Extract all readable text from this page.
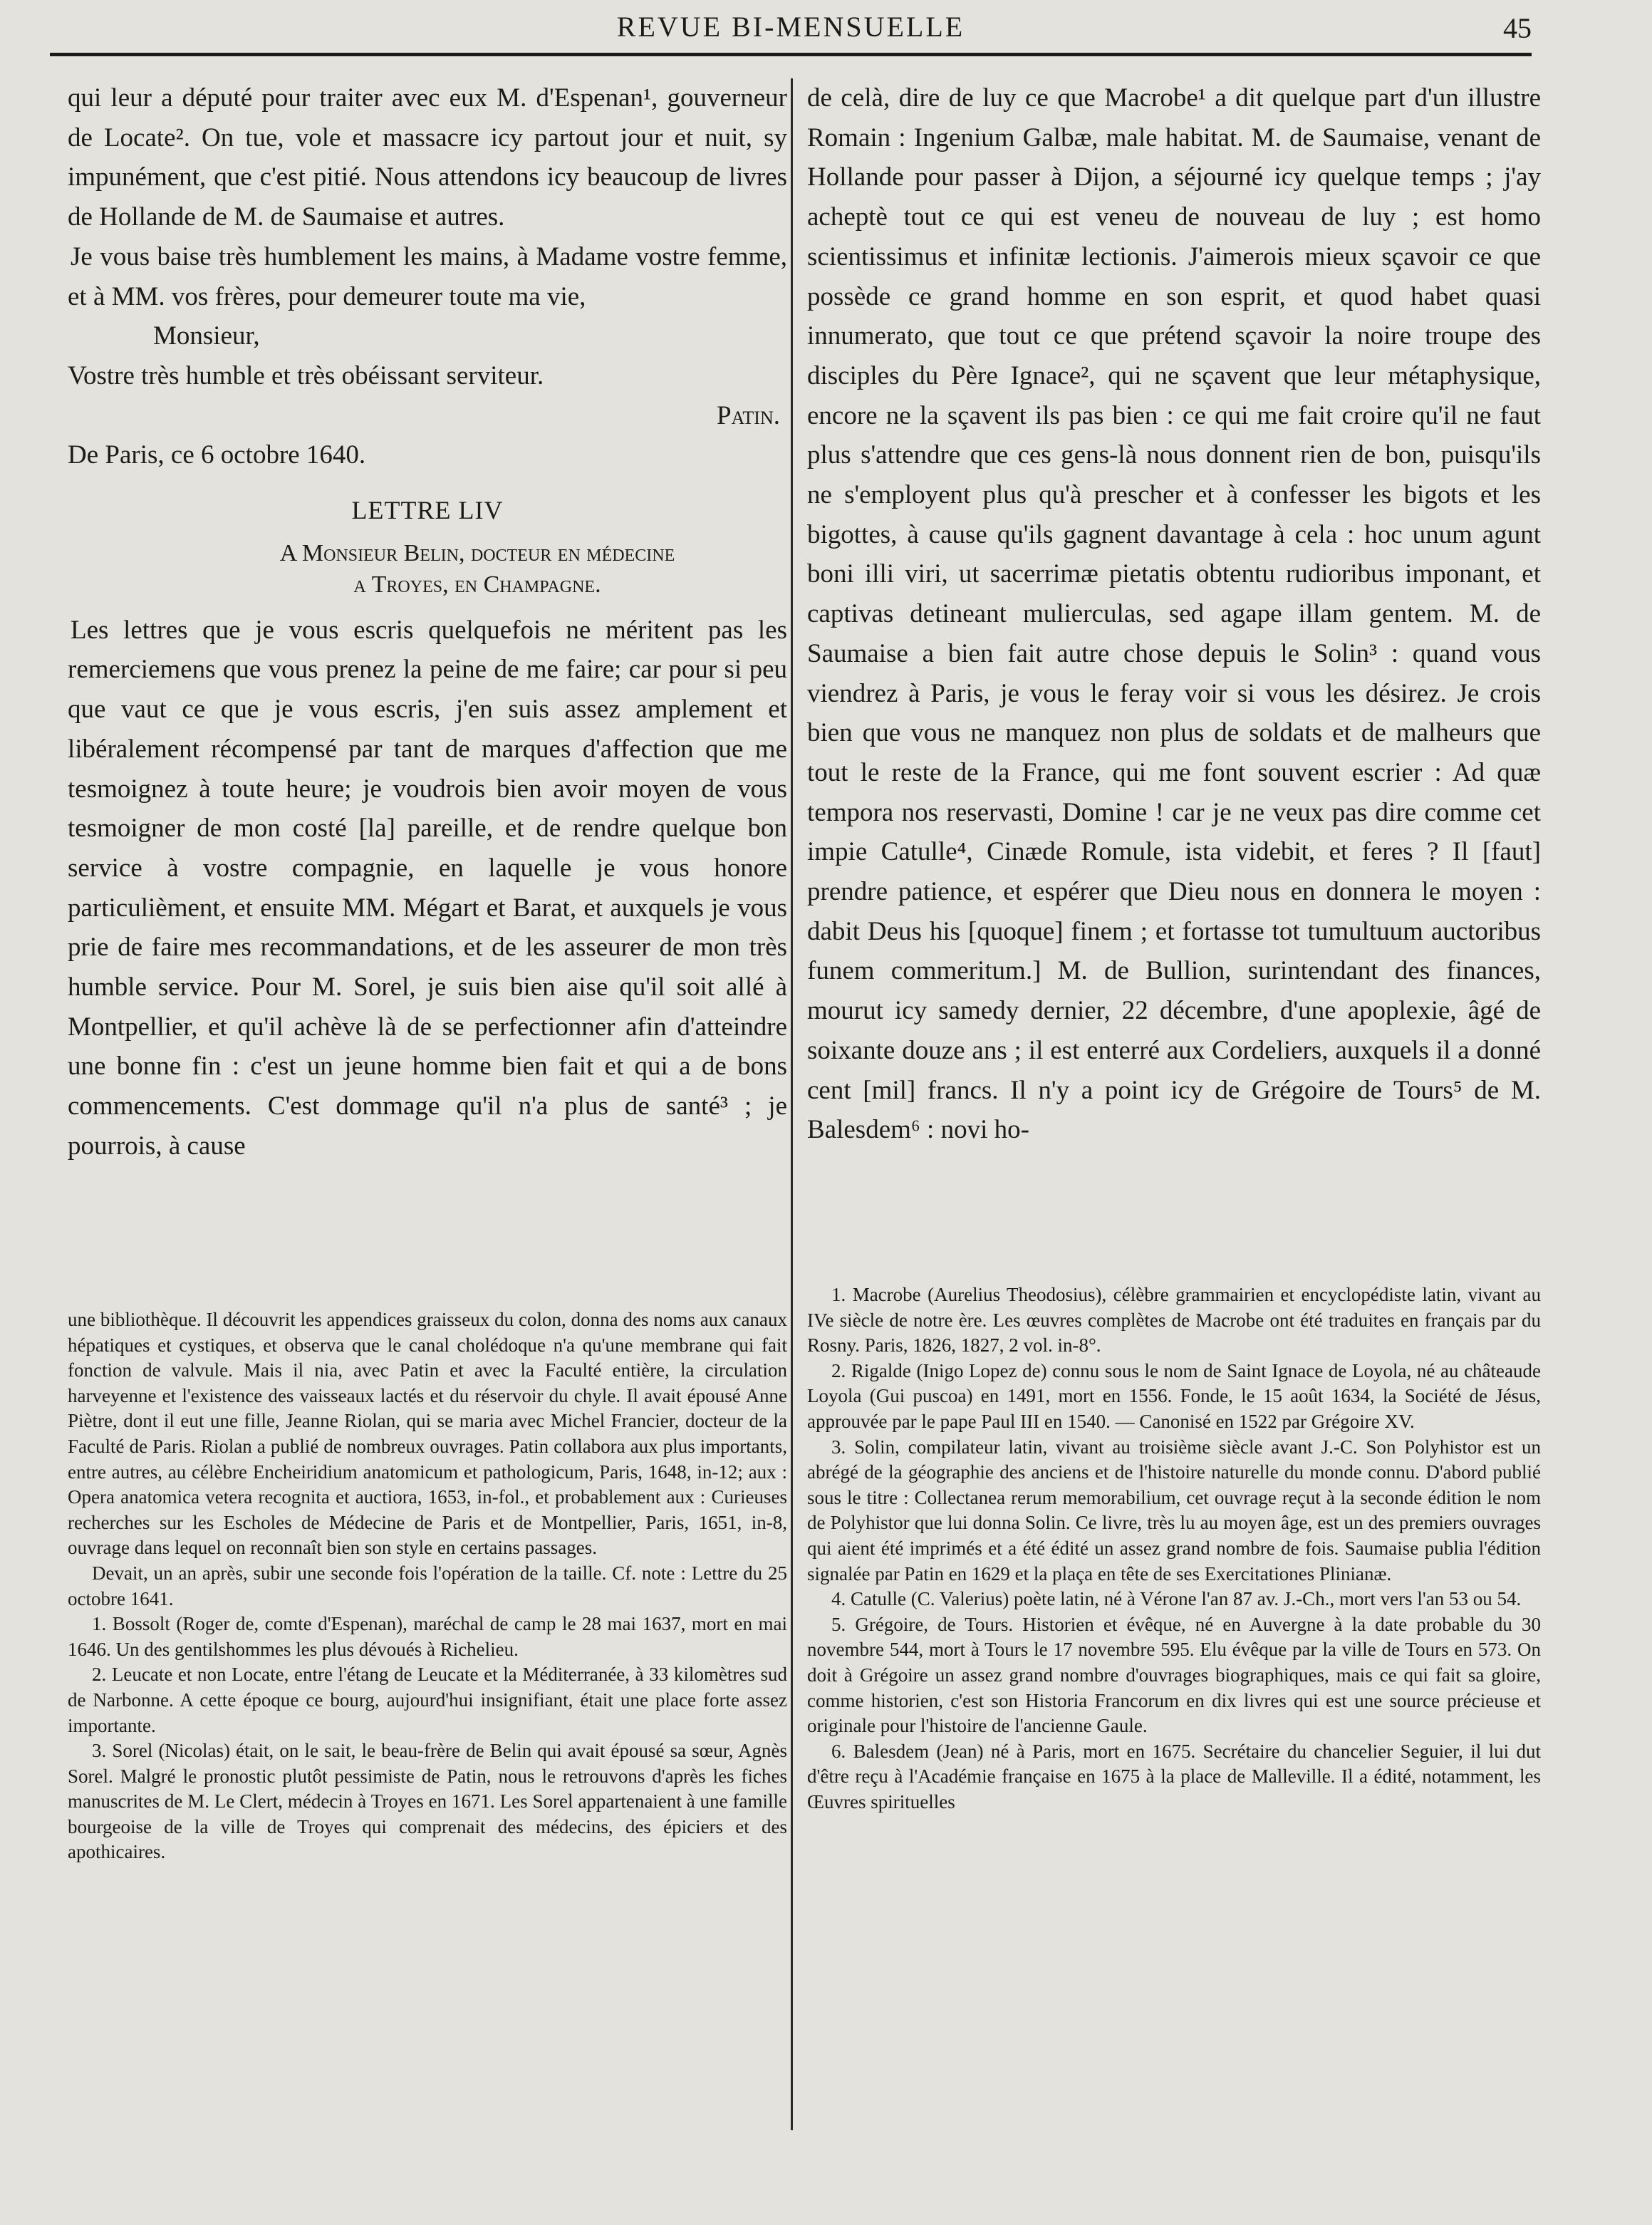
REVUE BI-MENSUELLE	45

qui leur a député pour traiter avec eux M. d'Espenan¹, gouverneur de Locate². On tue, vole et massacre icy partout jour et nuit, sy impunément, que c'est pitié. Nous attendons icy beaucoup de livres de Hollande de M. de Saumaise et autres.

Je vous baise très humblement les mains, à Madame vostre femme, et à MM. vos frères, pour demeurer toute ma vie,

Monsieur,

Vostre très humble et très obéissant serviteur.

Patin.

De Paris, ce 6 octobre 1640.

LETTRE LIV
A Monsieur Belin, docteur en médecine
a Troyes, en Champagne.

Les lettres que je vous escris quelquefois ne méritent pas les remerciemens que vous prenez la peine de me faire; car pour si peu que vaut ce que je vous escris, j'en suis assez amplement et libéralement récompensé par tant de marques d'affection que me tesmoignez à toute heure; je voudrois bien avoir moyen de vous tesmoigner de mon costé [la] pareille, et de rendre quelque bon service à vostre compagnie, en laquelle je vous honore particulièment, et ensuite MM. Mégart et Barat, et auxquels je vous prie de faire mes recommandations, et de les asseurer de mon très humble service. Pour M. Sorel, je suis bien aise qu'il soit allé à Montpellier, et qu'il achève là de se perfectionner afin d'atteindre une bonne fin : c'est un jeune homme bien fait et qui a de bons commencements. C'est dommage qu'il n'a plus de santé³ ; je pourrois, à cause

une bibliothèque. Il découvrit les appendices graisseux du colon, donna des noms aux canaux hépatiques et cystiques, et observa que le canal cholédoque n'a qu'une membrane qui fait fonction de valvule. Mais il nia, avec Patin et avec la Faculté entière, la circulation harveyenne et l'existence des vaisseaux lactés et du réservoir du chyle. Il avait épousé Anne Piètre, dont il eut une fille, Jeanne Riolan, qui se maria avec Michel Francier, docteur de la Faculté de Paris. Riolan a publié de nombreux ouvrages. Patin collabora aux plus importants, entre autres, au célèbre Encheiridium anatomicum et pathologicum, Paris, 1648, in-12; aux : Opera anatomica vetera recognita et auctiora, 1653, in-fol., et probablement aux : Curieuses recherches sur les Escholes de Médecine de Paris et de Montpellier, Paris, 1651, in-8, ouvrage dans lequel on reconnaît bien son style en certains passages.

Devait, un an après, subir une seconde fois l'opération de la taille. Cf. note : Lettre du 25 octobre 1641.

1. Bossolt (Roger de, comte d'Espenan), maréchal de camp le 28 mai 1637, mort en mai 1646. Un des gentilshommes les plus dévoués à Richelieu.

2. Leucate et non Locate, entre l'étang de Leucate et la Méditerranée, à 33 kilomètres sud de Narbonne. A cette époque ce bourg, aujourd'hui insignifiant, était une place forte assez importante.

3. Sorel (Nicolas) était, on le sait, le beau-frère de Belin qui avait épousé sa sœur, Agnès Sorel. Malgré le pronostic plutôt pessimiste de Patin, nous le retrouvons d'après les fiches manuscrites de M. Le Clert, médecin à Troyes en 1671. Les Sorel appartenaient à une famille bourgeoise de la ville de Troyes qui comprenait des médecins, des épiciers et des apothicaires.

de celà, dire de luy ce que Macrobe¹ a dit quelque part d'un illustre Romain : Ingenium Galbæ, male habitat. M. de Saumaise, venant de Hollande pour passer à Dijon, a séjourné icy quelque temps ; j'ay acheptè tout ce qui est veneu de nouveau de luy ; est homo scientissimus et infinitæ lectionis. J'aimerois mieux sçavoir ce que possède ce grand homme en son esprit, et quod habet quasi innumerato, que tout ce que prétend sçavoir la noire troupe des disciples du Père Ignace², qui ne sçavent que leur métaphysique, encore ne la sçavent ils pas bien : ce qui me fait croire qu'il ne faut plus s'attendre que ces gens-là nous donnent rien de bon, puisqu'ils ne s'employent plus qu'à prescher et à confesser les bigots et les bigottes, à cause qu'ils gagnent davantage à cela : hoc unum agunt boni illi viri, ut sacerrimæ pietatis obtentu rudioribus imponant, et captivas detineant mulierculas, sed agape illam gentem. M. de Saumaise a bien fait autre chose depuis le Solin³ : quand vous viendrez à Paris, je vous le feray voir si vous les désirez. Je crois bien que vous ne manquez non plus de soldats et de malheurs que tout le reste de la France, qui me font souvent escrier : Ad quæ tempora nos reservasti, Domine ! car je ne veux pas dire comme cet impie Catulle⁴, Cinæde Romule, ista videbit, et feres ? Il [faut] prendre patience, et espérer que Dieu nous en donnera le moyen : dabit Deus his [quoque] finem ; et fortasse tot tumultuum auctoribus funem commeritum.] M. de Bullion, surintendant des finances, mourut icy samedy dernier, 22 décembre, d'une apoplexie, âgé de soixante douze ans ; il est enterré aux Cordeliers, auxquels il a donné cent [mil] francs. Il n'y a point icy de Grégoire de Tours⁵ de M. Balesdem⁶ : novi ho-

1. Macrobe (Aurelius Theodosius), célèbre grammairien et encyclopédiste latin, vivant au IVe siècle de notre ère. Les œuvres complètes de Macrobe ont été traduites en français par du Rosny. Paris, 1826, 1827, 2 vol. in-8°.

2. Rigalde (Inigo Lopez de) connu sous le nom de Saint Ignace de Loyola, né au châteaude Loyola (Gui puscoa) en 1491, mort en 1556. Fonde, le 15 août 1634, la Société de Jésus, approuvée par le pape Paul III en 1540. — Canonisé en 1522 par Grégoire XV.

3. Solin, compilateur latin, vivant au troisième siècle avant J.-C. Son Polyhistor est un abrégé de la géographie des anciens et de l'histoire naturelle du monde connu. D'abord publié sous le titre : Collectanea rerum memorabilium, cet ouvrage reçut à la seconde édition le nom de Polyhistor que lui donna Solin. Ce livre, très lu au moyen âge, est un des premiers ouvrages qui aient été imprimés et a été édité un assez grand nombre de fois. Saumaise publia l'édition signalée par Patin en 1629 et la plaça en tête de ses Exercitationes Plinianæ.

4. Catulle (C. Valerius) poète latin, né à Vérone l'an 87 av. J.-Ch., mort vers l'an 53 ou 54.

5. Grégoire, de Tours. Historien et évêque, né en Auvergne à la date probable du 30 novembre 544, mort à Tours le 17 novembre 595. Elu évêque par la ville de Tours en 573. On doit à Grégoire un assez grand nombre d'ouvrages biographiques, mais ce qui fait sa gloire, comme historien, c'est son Historia Francorum en dix livres qui est une source précieuse et originale pour l'histoire de l'ancienne Gaule.

6. Balesdem (Jean) né à Paris, mort en 1675. Secrétaire du chancelier Seguier, il lui dut d'être reçu à l'Académie française en 1675 à la place de Malleville. Il a édité, notamment, les Œuvres spirituelles
